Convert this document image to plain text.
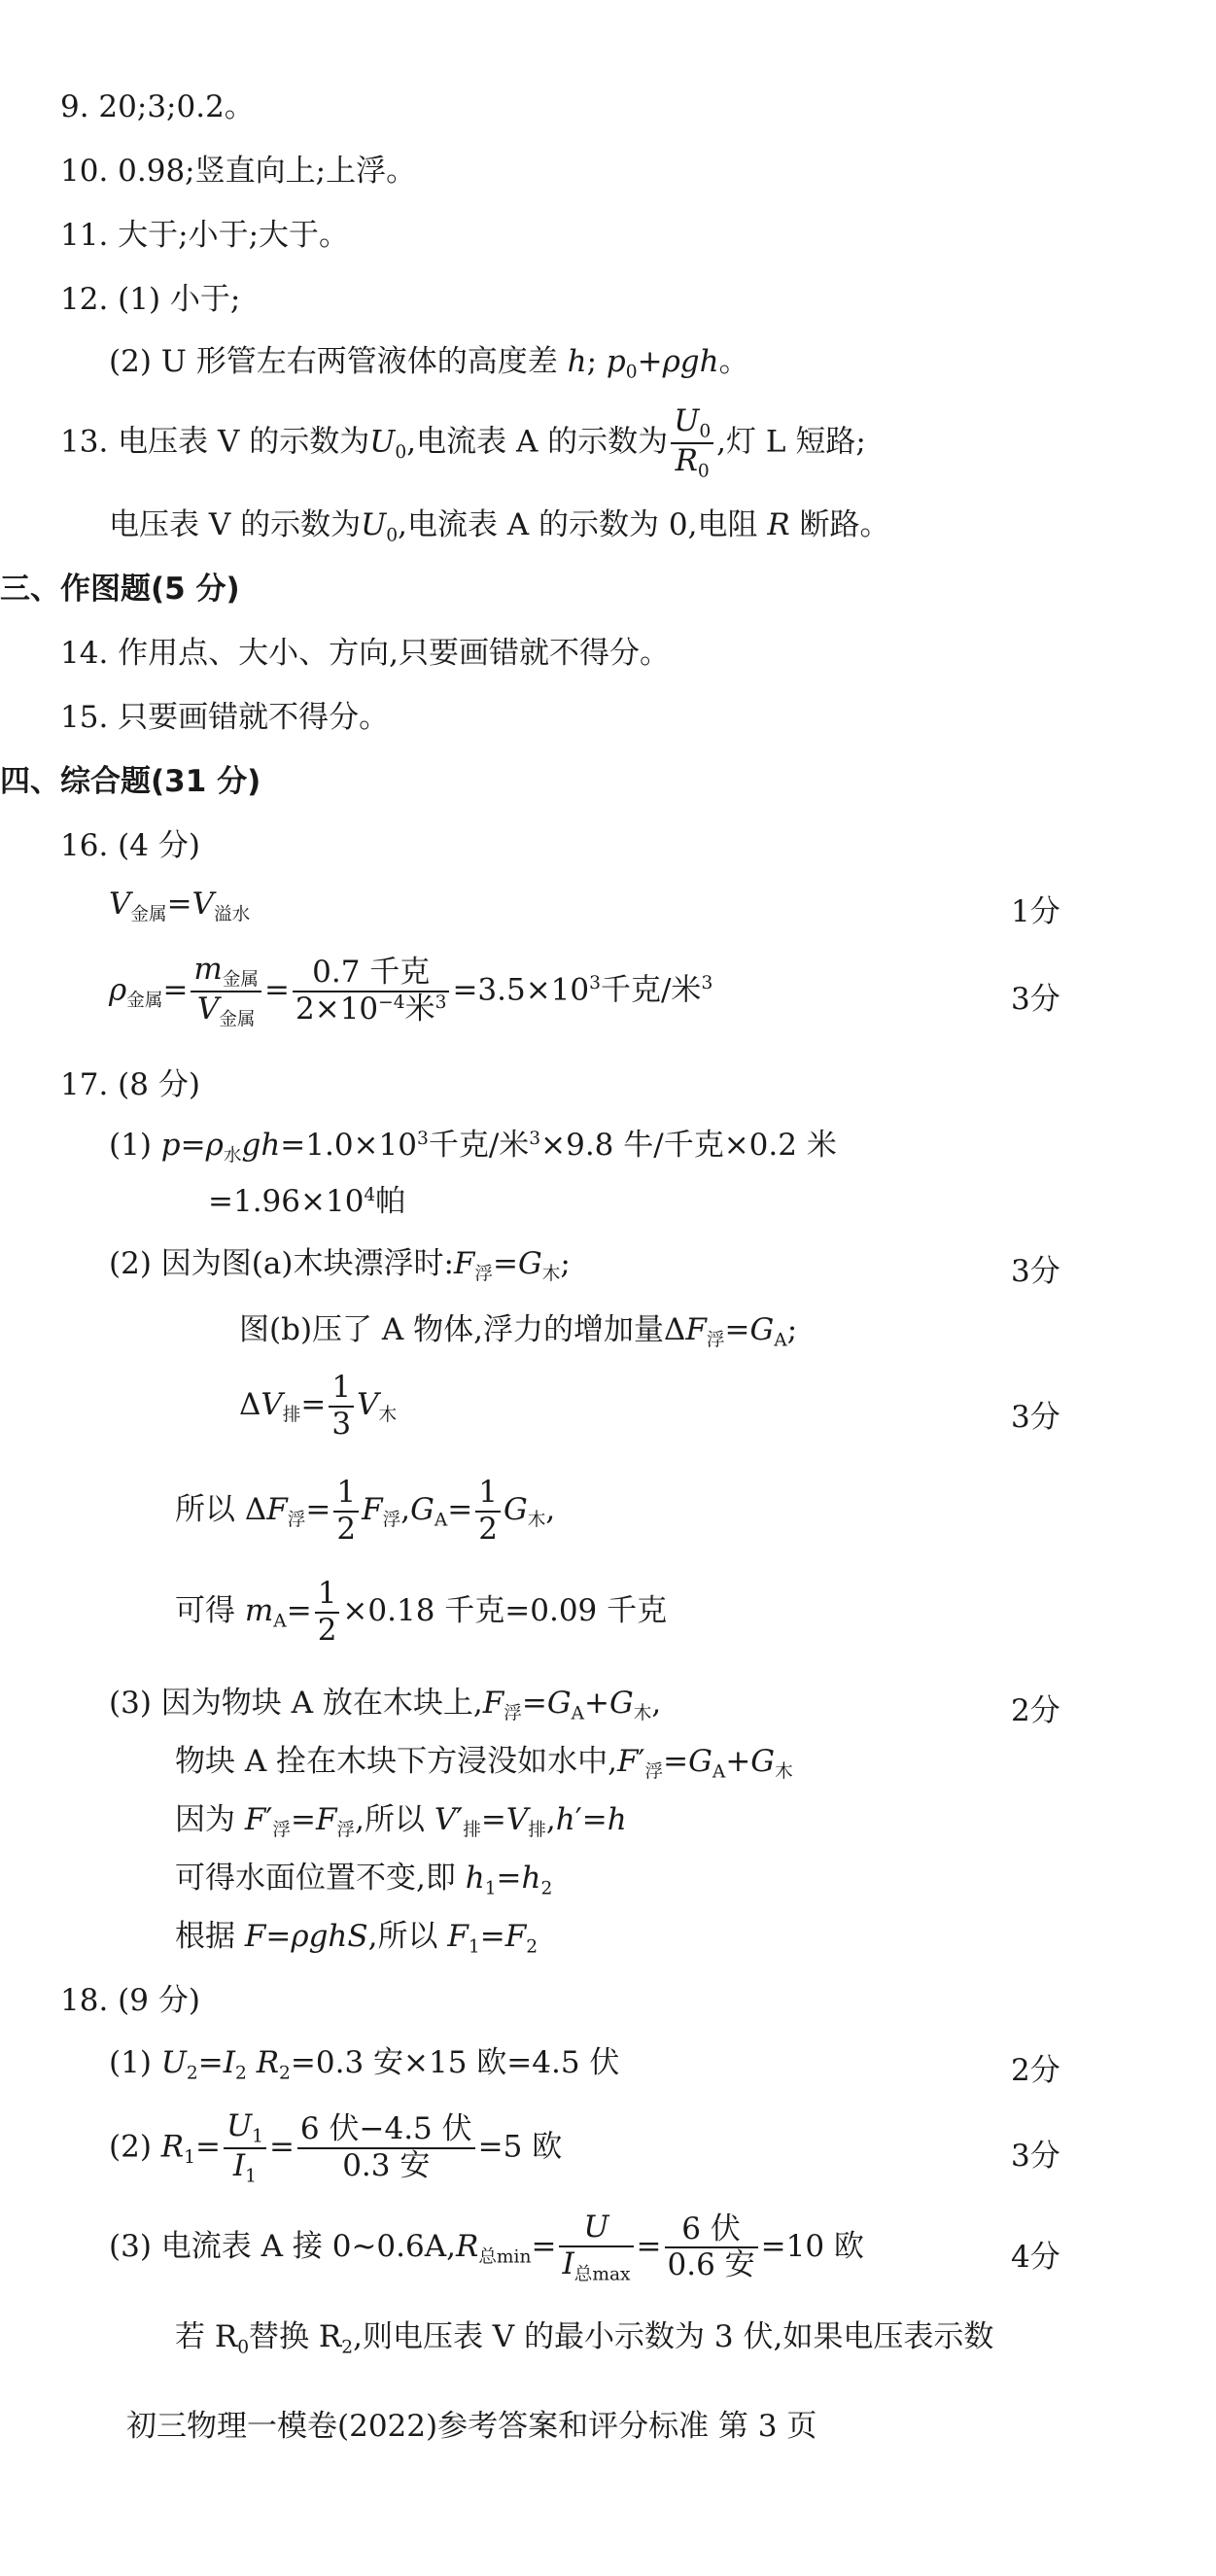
9. 20;3;0.2。
10. 0.98;竖直向上;上浮。
11. 大于;小于;大于。
12. (1) 小于;
(2) U 形管左右两管液体的高度差 h; $p_0+\rho gh$。
13. 电压表 V 的示数为$U_0$,电流表 A 的示数为 $\frac{U_0}{R_0}$ ,灯 L 短路;
电压表 V 的示数为$U_0$,电流表 A 的示数为 0,电阻 R 断路。
三、作图题(5 分)
14. 作用点、大小、方向,只要画错就不得分。
15. 只要画错就不得分。
四、综合题(31 分)
16. (4 分)
$V_{金属}=V_{溢水}$	1分
$\rho_{金属}= \frac{m_{金属}}{V_{金属}} = \frac{\text{0.7 千克}}{2\times 10^{-4}米^3} =3.5\times 10^3$千克/米$^3$	3分
17. (8 分)
(1) $p=\rho_水gh=1.0\times 10^3$千克/米$^3$×9.8 牛/千克×0.2 米
$=1.96\times 10^4$帕
(2) 因为图(a)木块漂浮时$:F_浮=G_木$;	3分
图(b)压了 A 物体,浮力的增加量$\Delta F_浮=G_A$;
$\Delta V_排= \frac{1}{3} V_木$	3分
所以 $\Delta F_浮= \frac{1}{2} F_浮,G_A= \frac{1}{2} G_木$,
可得 $m_A= \frac{1}{2} \times 0.18$ 千克=0.09 千克
(3) 因为物块 A 放在木块上$,F_浮=G_A+G_木$,	2分
物块 A 拴在木块下方浸没如水中$,F'_浮=G_A+G_木$
因为 $F'_浮=F_浮$,所以 $V'_排=V_排,h'=h$
可得水面位置不变,即 $h_1=h_2$
根据 F=ρghS,所以 $F_1=F_2$
18. (9 分)
(1) $U_2=I_2$ $R_2=0.3$ 安×15 欧=4.5 伏	2分
(2) $R_1= \frac{U_1}{I_1} = \frac{\text{6 伏−4.5 伏}}{\text{0.3 安}} =5$ 欧	3分
(3) 电流表 A 接 $0\sim 0.6A,R_{总min}= \frac{U}{I_{总max}} = \frac{\text{6 伏}}{\text{0.6 安}} =10$ 欧	4分
若 $R_0$替换 $R_2$,则电压表 V 的最小示数为 3 伏,如果电压表示数
初三物理一模卷(2022)参考答案和评分标准 第 3 页
